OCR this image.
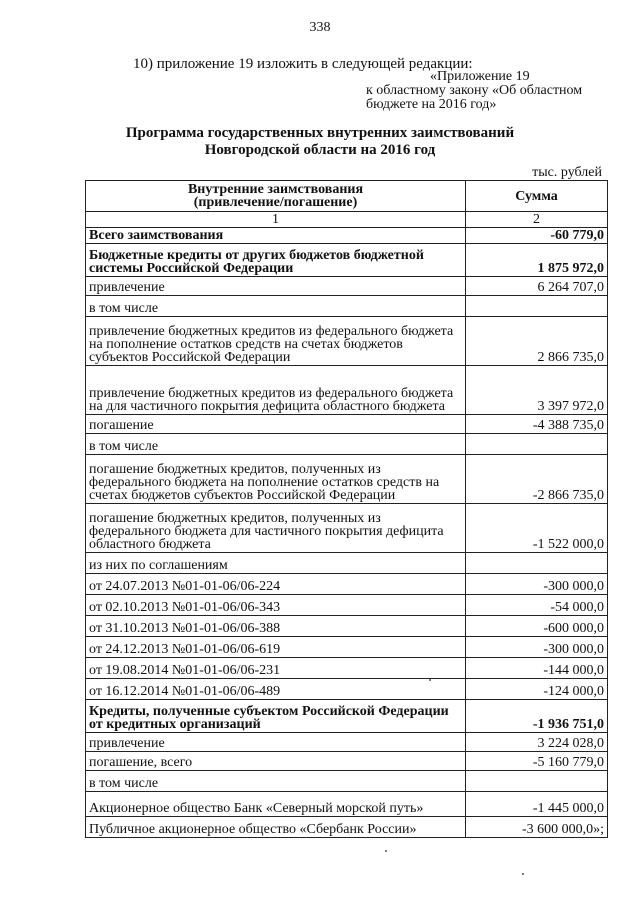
338
10) приложение 19 изложить в следующей редакции:
«Приложение 19
к областному закону «Об областном
бюджете на 2016 год»
Программа государственных внутренних заимствований
Новгородской области на 2016 год
тыс. рублей
Внутренние заимствования
(привлечение/погашение)	Сумма
1	2
Всего заимствования	-60 779,0
Бюджетные кредиты от других бюджетов бюджетной системы Российской Федерации	1 875 972,0
привлечение	6 264 707,0
в том числе	
привлечение бюджетных кредитов из федерального бюджета на пополнение остатков средств на счетах бюджетов субъектов Российской Федерации	2 866 735,0
привлечение бюджетных кредитов из федерального бюджета на для частичного покрытия дефицита областного бюджета	3 397 972,0
погашение	-4 388 735,0
в том числе	
погашение бюджетных кредитов, полученных из федерального бюджета на пополнение остатков средств на счетах бюджетов субъектов Российской Федерации	-2 866 735,0
погашение бюджетных кредитов, полученных из федерального бюджета для частичного покрытия дефицита областного бюджета	-1 522 000,0
из них по соглашениям	
от 24.07.2013 №01-01-06/06-224	-300 000,0
от 02.10.2013 №01-01-06/06-343	-54 000,0
от 31.10.2013 №01-01-06/06-388	-600 000,0
от 24.12.2013 №01-01-06/06-619	-300 000,0
от 19.08.2014 №01-01-06/06-231	-144 000,0
от 16.12.2014 №01-01-06/06-489	-124 000,0
Кредиты, полученные субъектом Российской Федерации от кредитных организаций	-1 936 751,0
привлечение	3 224 028,0
погашение, всего	-5 160 779,0
в том числе	
Акционерное общество Банк «Северный морской путь»	-1 445 000,0
Публичное акционерное общество «Сбербанк России»	-3 600 000,0»;
